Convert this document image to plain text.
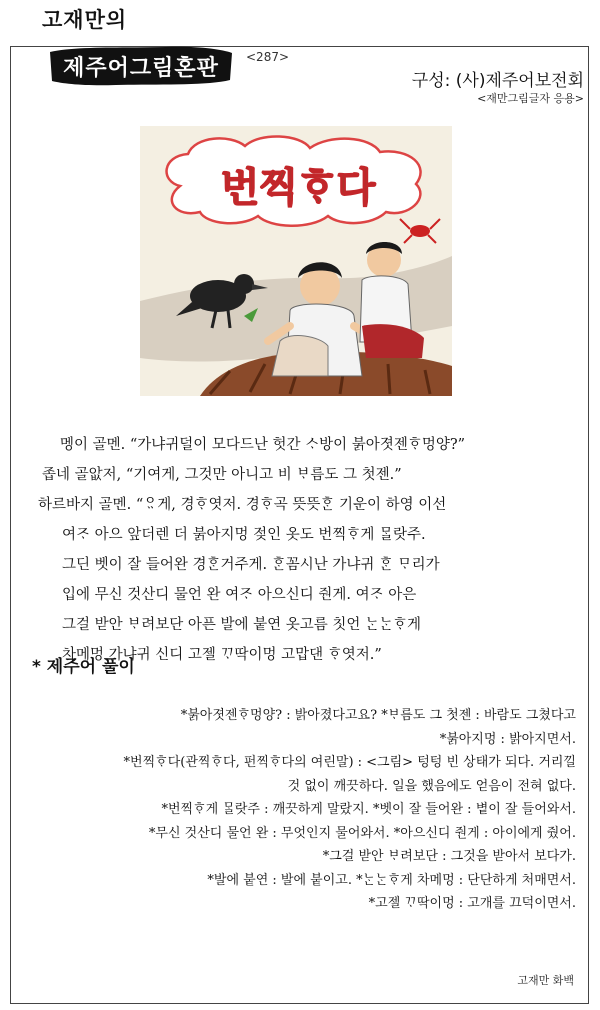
고재만의
제주어그림혼판	<287>
구성: (사)제주어보전회
<재만그림글자 응용>
번찍ᄒᆞ다

멩이 골멘. “가냐귀덜이 모다드난 헛간 ᄉᆞ방이 붉아졋젠ᄒᆞ멍양?”

좁네 골앖저, “기여게, 그것만 아니고 비 ᄇᆞ름도 그 첫젠.”

하르바지 골멘. “ᄋᆢ게, 경ᄒᆞ엿저. 경ᄒᆞ곡 뜻뜻ᄒᆞᆫ 기운이 하영 이선

여ᄌᆞ 아으 앞더렌 더 붉아지멍 젖인 옷도 번찍ᄒᆞ게 ᄆᆞᆯ랏주.

그딘 벳이 잘 들어완 경ᄒᆞᆫ거주게. ᄒᆞᆫ꼼시난 가냐귀 ᄒᆞᆫ ᄆᆞ리가

입에 무신 것산디 물언 완 여ᄌᆞ 아으신디 줜게. 여ᄌᆞ 아은

그걸 받안 ᄇᆞ려보단 아픈 발에 붙연 옷고름 칫언 ᄂᆞᆫᄂᆞᆫᄒᆞ게

차메멍 가냐귀 신디 고젤 ᄁᆞ딱이멍 고맙댄 ᄒᆞ엿저.”

* 제주어 풀이

*붉아졋젠ᄒᆞ멍양? : 밝아졌다고요? *ᄇᆞ름도 그 첫젠 : 바람도 그쳤다고

*붉아지멍 : 밝아지면서.

*번찍ᄒᆞ다(관찍ᄒᆞ다, 펀찍ᄒᆞ다의 여린말) : <그림> 텅텅 빈 상태가 되다. 거리낄

것 없이 깨끗하다. 일을 했음에도 얻음이 전혀 없다.

*번찍ᄒᆞ게 ᄆᆞᆯ랏주 : 깨끗하게 말랐지. *벳이 잘 들어완 : 볕이 잘 들어와서.

*무신 것산디 물언 완 : 무엇인지 물어와서. *아으신디 줜게 : 아이에게 줬어.

*그걸 받안 ᄇᆞ려보단 : 그것을 받아서 보다가.

*발에 붙연 : 발에 붙이고. *ᄂᆞᆫᄂᆞᆫᄒᆞ게 차메멍 : 단단하게 처매면서.

*고젤 ᄁᆞ딱이멍 : 고개를 끄덕이면서.

고재만 화백
